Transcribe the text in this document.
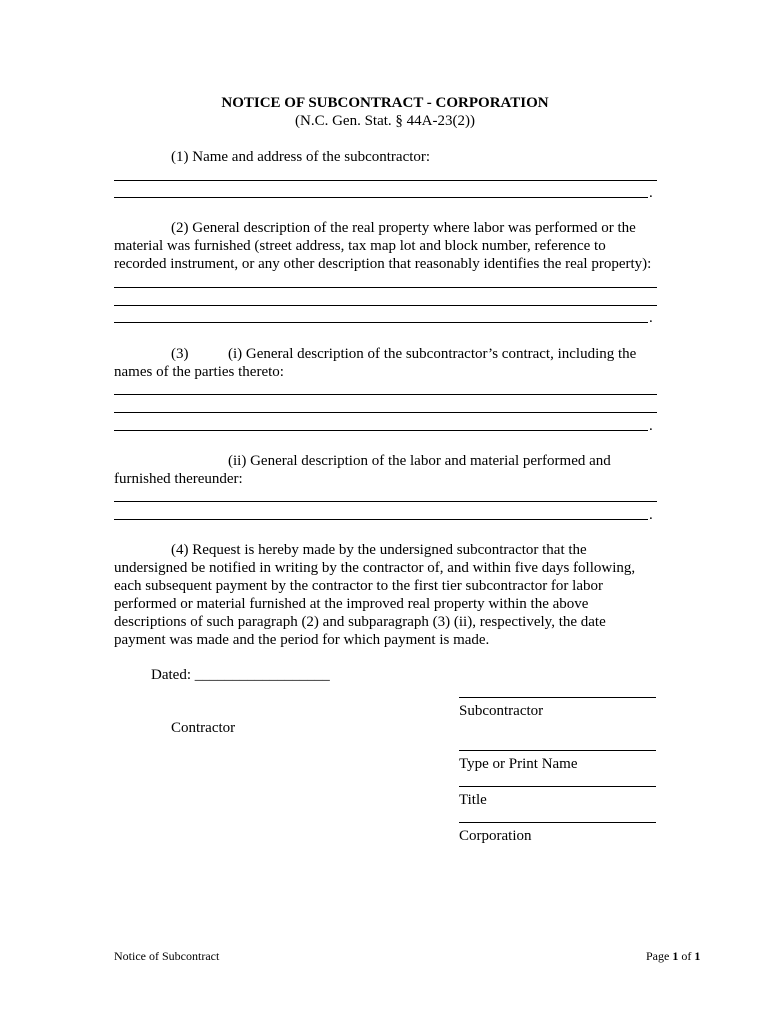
NOTICE OF SUBCONTRACT - CORPORATION
(N.C. Gen. Stat. § 44A-23(2))
(1) Name and address of the subcontractor:
.
(2) General description of the real property where labor was performed or the
material was furnished (street address, tax map lot and block number, reference to
recorded instrument, or any other description that reasonably identifies the real property):
.
(3)	(i) General description of the subcontractor’s contract, including the
names of the parties thereto:
.
(ii) General description of the labor and material performed and
furnished thereunder:
.
(4) Request is hereby made by the undersigned subcontractor that the
undersigned be notified in writing by the contractor of, and within five days following,
each subsequent payment by the contractor to the first tier subcontractor for labor
performed or material furnished at the improved real property within the above
descriptions of such paragraph (2) and subparagraph (3) (ii), respectively, the date
payment was made and the period for which payment is made.
Dated: __________________
Subcontractor
Contractor
Type or Print Name
Title
Corporation
Notice of Subcontract	Page 1 of 1
